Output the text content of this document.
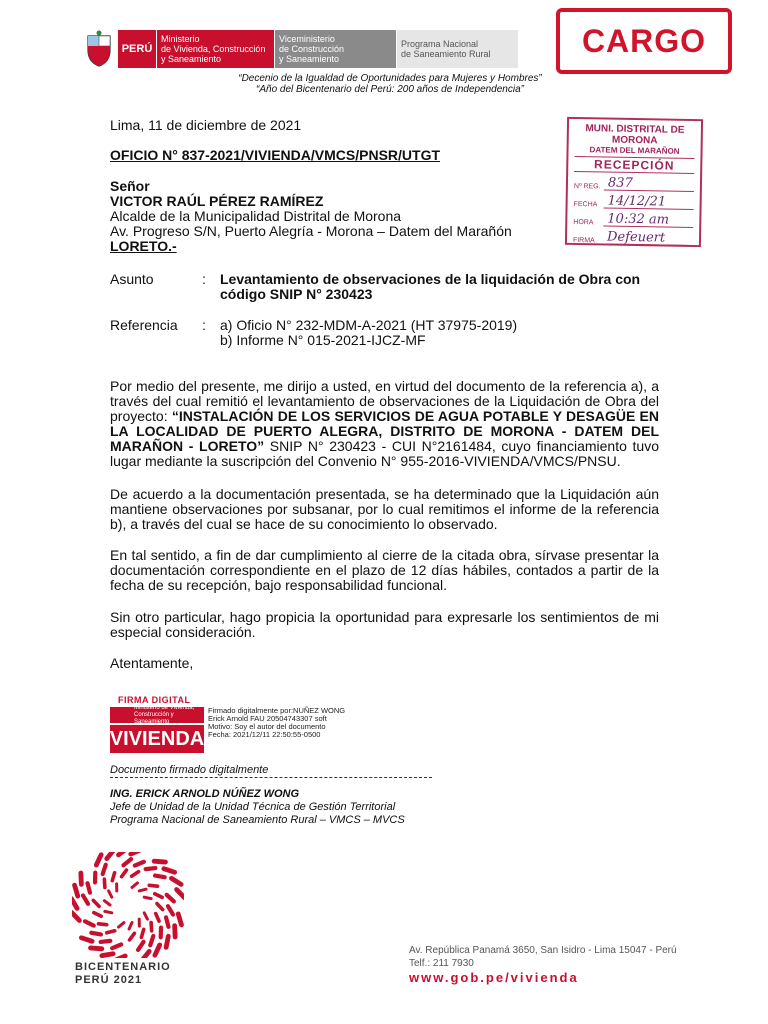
PERÚ
Ministerio
de Vivienda, Construcción
y Saneamiento
Viceministerio
de Construcción
y Saneamiento
Programa Nacional
de Saneamiento Rural	CARGO
“Decenio de la Igualdad de Oportunidades para Mujeres y Hombres”
“Año del Bicentenario del Perú: 200 años de Independencia”
Lima, 11 de diciembre de 2021
OFICIO N° 837-2021/VIVIENDA/VMCS/PNSR/UTGT
Señor
VICTOR RAÚL PÉREZ RAMÍREZ
Alcalde de la Municipalidad Distrital de Morona
Av. Progreso S/N, Puerto Alegría - Morona – Datem del Marañón
LORETO.-
MUNI. DISTRITAL DE MORONA
DATEM DEL MARAÑON
RECEPCIÓN
Nº REG. 837
FECHA 14/12/21
HORA	10:32 am
FIRMA Defeuert
Asunto	: Levantamiento de observaciones de la liquidación de Obra con
código SNIP N° 230423
Referencia : a) Oficio N° 232-MDM-A-2021 (HT 37975-2019)
b) Informe N° 015-2021-IJCZ-MF
Por medio del presente, me dirijo a usted, en virtud del documento de la referencia a), a través del cual remitió el levantamiento de observaciones de la Liquidación de Obra del proyecto: “INSTALACIÓN DE LOS SERVICIOS DE AGUA POTABLE Y DESAGÜE EN LA LOCALIDAD DE PUERTO ALEGRA, DISTRITO DE MORONA - DATEM DEL MARAÑON - LORETO” SNIP N° 230423 - CUI N°2161484, cuyo financiamiento tuvo lugar mediante la suscripción del Convenio N° 955-2016-VIVIENDA/VMCS/PNSU.
De acuerdo a la documentación presentada, se ha determinado que la Liquidación aún mantiene observaciones por subsanar, por lo cual remitimos el informe de la referencia b), a través del cual se hace de su conocimiento lo observado.
En tal sentido, a fin de dar cumplimiento al cierre de la citada obra, sírvase presentar la documentación correspondiente en el plazo de 12 días hábiles, contados a partir de la fecha de su recepción, bajo responsabilidad funcional.
Sin otro particular, hago propicia la oportunidad para expresarle los sentimientos de mi especial consideración.
Atentamente,
FIRMA DIGITAL
Ministerio de Vivienda, Construcción y Saneamiento
VIVIENDA
Firmado digitalmente por:NUÑEZ WONG
Erick Arnold FAU 20504743307 soft
Motivo: Soy el autor del documento
Fecha: 2021/12/11 22:50:55-0500
Documento firmado digitalmente
ING. ERICK ARNOLD NÚÑEZ WONG
Jefe de Unidad de la Unidad Técnica de Gestión Territorial
Programa Nacional de Saneamiento Rural – VMCS – MVCS
BICENTENARIO
PERÚ 2021
Av. República Panamá 3650, San Isidro - Lima 15047 - Perú
Telf.: 211 7930
www.gob.pe/vivienda
